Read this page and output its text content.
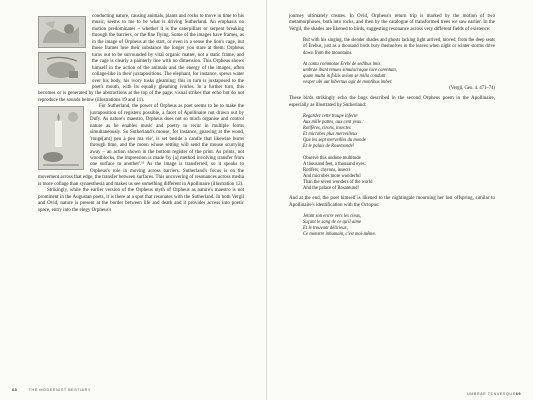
conducting nature, causing animals, plants and rocks to move in time to his music, seems to me to be what is driving Sutherland. An emphasis on motion predominates – whether it is the caterpillars or serpent breaking through the barriers, or the fine flying. Some of the images have frames, as in the image of Orpheus at the start, or even in a sense the lion's cage, but those frames lose their substance the longer you stare at them: Orpheus turns out to be surrounded by vital organic matter, not a static frame, and the cage is clearly a painterly line with no dimension. This Orpheus shows himself in the action of the animals and the energy of the images, often collage-like in their juxtapositions. The elephant, for instance, spews water over his body, his ivory tusks gleaming; this in turn is juxtaposed to the poet's mouth, with its equally gleaming ivories. In a further turn, this becomes or is generated by the abstractions at the top of the page: visual strikes that echo but do not reproduce the sounds below (illustrations 19 and 11).

For Sutherland, the power of Orpheus as poet seems to be to make the juxtaposition of registers possible, a facet of Apollinaire not drawn out by Dufy. As nature's maestro, Orpheus does not so much organise and control nature as he enables music and poetry to recur in multiple forms simultaneously. So Sutherland's mouse, for instance, gnawing at the wood, 'ronge[ant] peu à peu ma vie', is set beside a candle that likewise burns through time, and the moon whose setting will send the mouse scurrying away – an action shown in the bottom register of the print. As prints, not woodblocks, the impression is made 'by [a] method involving transfer from one surface to another'.¹² As the image is transferred, so it speaks to Orpheus's role in moving across barriers. Sutherland's focus is on the movement across that edge, the transfer between surfaces. This uncovering of resonances across media is more collage than synaesthesia and makes us see something different in Apollinaire (illustration 12).

Strikingly, while the earlier version of the Orpheus myth of Orpheus as nature's maestro is not prominent in the Augustan poets, it is there at a spot that resonates with the Sutherland. In both Vergil and Ovid, nature is present at the border between life and death and it provides access into poetic space, entry into the elegy Orpheus's

68	THE MODERNIST BESTIARY

journey ultimately creates. In Ovid, Orpheus's return trip is marked by the motion of two metamorphoses, both into rocks, and then by the catalogue of transformed trees we saw earlier. In the Vergil, the shades are likened to birds, suggesting resonance across very different fields of existence:

But with his singing, the slender shades and ghosts lacking light arrived, moved, from the deep seats of Erebus, just as a thousand birds bury themselves in the leaves when night or winter storms drive down from the mountains.
At cantu commotae Erebi de sedibus imis
umbrae ibant tenues simulacraque luce carentum,
quam multa in foliis avium se milia condunt
vesper ubi aut hibernus agit de montibus imber.
(Vergil, Geo. 4. 471–74)

These birds strikingly echo the bugs described in the second Orpheus poem in the Apollinaire, especially as illustrated by Sutherland:

Regardez cette troupe infecte
Aux mille pattes, aux cent yeux :
Rotifères, cirons, insectes
Et microbes plus merveilleux
Que les sept merveilles du monde
Et le palais de Rosemonde!
Observe this undone multitude
A thousand feet, a thousand eyes:
Rotifers, chyrons, insects
And microbes more wonderful
Than the seven wonders of the world
And the palace of Rosamund!

And at the end, the poet himself is likened to the nightingale mourning her lost offspring, similar to Apollinaire's identification with the Octopus:

Jetant son encre vers les cieux,
Suçant le sang de ce qu'il aime
Et le trouvant délicieux,
Ce monstre inhumain, c'est moi-même.
UMBRAE TENVESQUE 69
